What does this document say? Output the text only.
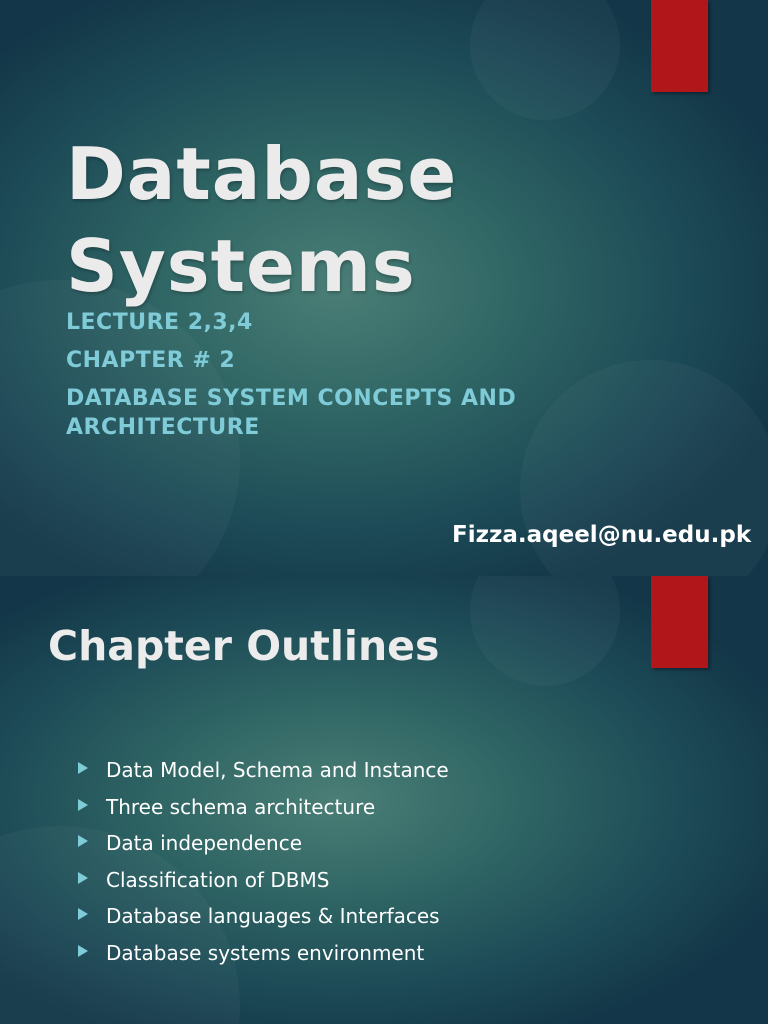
Database
Systems
LECTURE 2,3,4
CHAPTER # 2
DATABASE SYSTEM CONCEPTS AND ARCHITECTURE
Fizza.aqeel@nu.edu.pk
Chapter Outlines
Data Model, Schema and Instance
Three schema architecture
Data independence
Classification of DBMS
Database languages & Interfaces
Database systems environment
